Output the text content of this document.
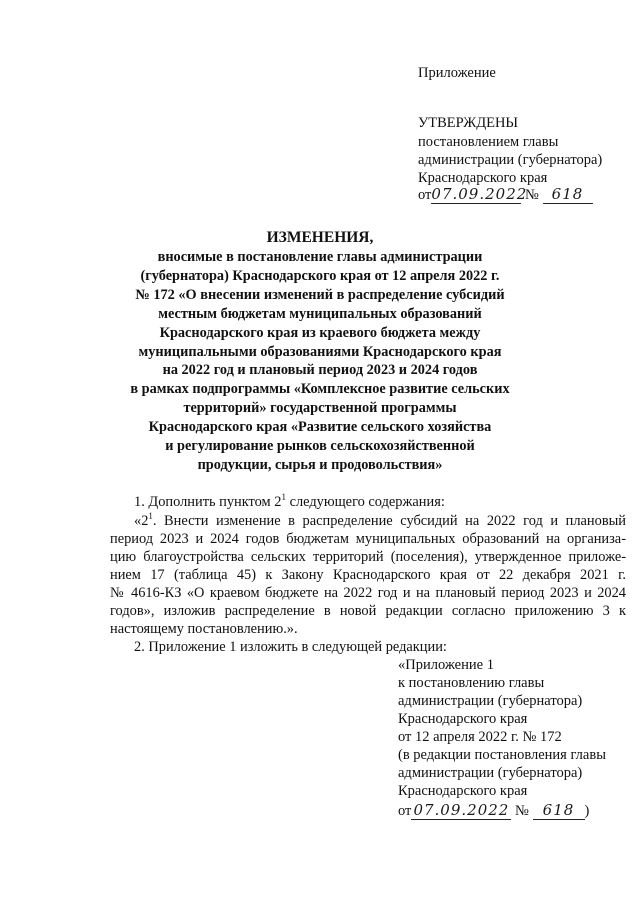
Приложение
УТВЕРЖДЕНЫ
постановлением главы
администрации (губернатора)
Краснодарского края
от07.09.2022 № 618
ИЗМЕНЕНИЯ,
вносимые в постановление главы администрации
(губернатора) Краснодарского края от 12 апреля 2022 г.
№ 172 «О внесении изменений в распределение субсидий
местным бюджетам муниципальных образований
Краснодарского края из краевого бюджета между
муниципальными образованиями Краснодарского края
на 2022 год и плановый период 2023 и 2024 годов
в рамках подпрограммы «Комплексное развитие сельских
территорий» государственной программы
Краснодарского края «Развитие сельского хозяйства
и регулирование рынков сельскохозяйственной
продукции, сырья и продовольствия»
1. Дополнить пунктом $2^1$ следующего содержания:
«$2^1$. Внести изменение в распределение субсидий на 2022 год и плановый
период 2023 и 2024 годов бюджетам муниципальных образований на организа-
цию благоустройства сельских территорий (поселения), утвержденное приложе-
нием 17 (таблица 45) к Закону Краснодарского края от 22 декабря 2021 г.
№ 4616-КЗ «О краевом бюджете на 2022 год и на плановый период 2023 и 2024
годов», изложив распределение в новой редакции согласно приложению 3 к
настоящему постановлению.».
2. Приложение 1 изложить в следующей редакции:
«Приложение 1
к постановлению главы
администрации (губернатора)
Краснодарского края
от 12 апреля 2022 г. № 172
(в редакции постановления главы
администрации (губернатора)
Краснодарского края
от 07.09.2022 № 618 )
